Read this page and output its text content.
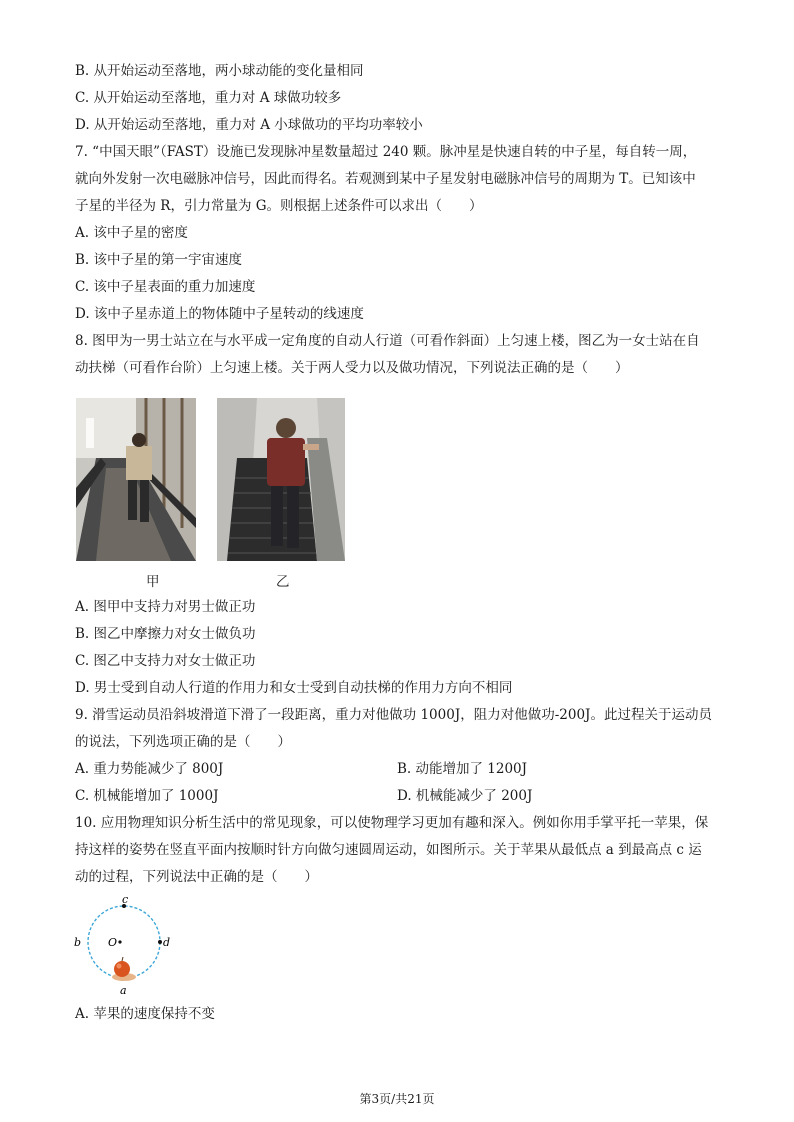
B. 从开始运动至落地，两小球动能的变化量相同
C. 从开始运动至落地，重力对 A 球做功较多
D. 从开始运动至落地，重力对 A 小球做功的平均功率较小
7. “中国天眼”（FAST）设施已发现脉冲星数量超过 240 颗。脉冲星是快速自转的中子星，每自转一周，
就向外发射一次电磁脉冲信号，因此而得名。若观测到某中子星发射电磁脉冲信号的周期为 T。已知该中
子星的半径为 R，引力常量为 G。则根据上述条件可以求出（　　）
A. 该中子星的密度
B. 该中子星的第一宇宙速度
C. 该中子星表面的重力加速度
D. 该中子星赤道上的物体随中子星转动的线速度
8. 图甲为一男士站立在与水平成一定角度的自动人行道（可看作斜面）上匀速上楼，图乙为一女士站在自
动扶梯（可看作台阶）上匀速上楼。关于两人受力以及做功情况，下列说法正确的是（　　）
甲	乙
A. 图甲中支持力对男士做正功
B. 图乙中摩擦力对女士做负功
C. 图乙中支持力对女士做正功
D. 男士受到自动人行道的作用力和女士受到自动扶梯的作用力方向不相同
9. 滑雪运动员沿斜坡滑道下滑了一段距离，重力对他做功 1000J，阻力对他做功-200J。此过程关于运动员
的说法，下列选项正确的是（　　）
A. 重力势能减少了 800J	B. 动能增加了 1200J
C. 机械能增加了 1000J	D. 机械能减少了 200J
10. 应用物理知识分析生活中的常见现象，可以使物理学习更加有趣和深入。例如你用手掌平托一苹果，保
持这样的姿势在竖直平面内按顺时针方向做匀速圆周运动，如图所示。关于苹果从最低点 a 到最高点 c 运
动的过程，下列说法中正确的是（　　）
c
b	d
O
a
A. 苹果的速度保持不变
第3页/共21页
